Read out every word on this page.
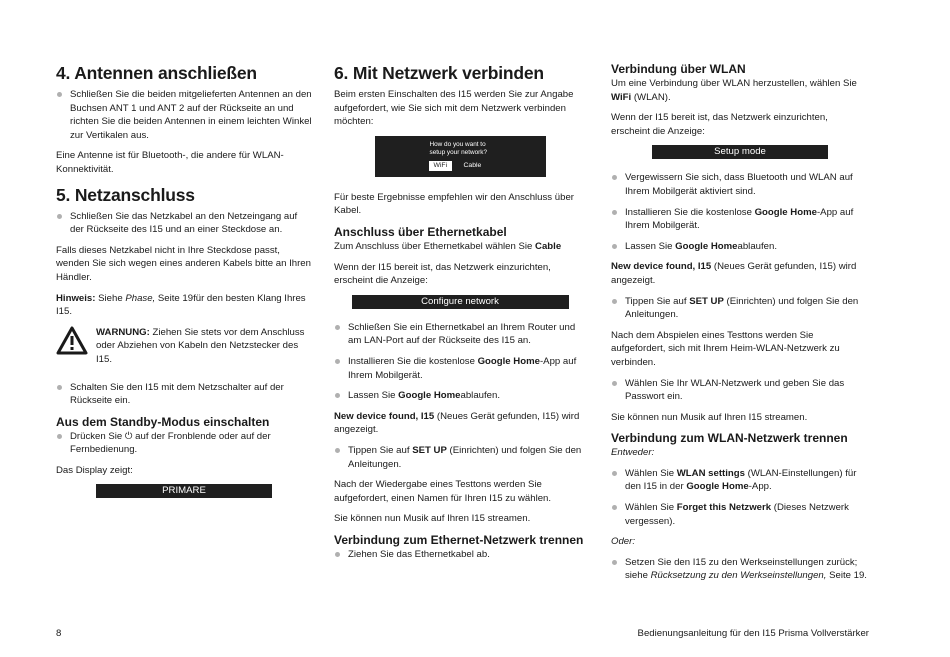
4. Antennen anschließen
Schließen Sie die beiden mitgelieferten Antennen an den Buchsen ANT 1 und ANT 2 auf der Rückseite an und richten Sie die beiden Antennen in einem leichten Winkel zur Vertikalen aus.

Eine Antenne ist für Bluetooth-, die andere für WLAN-Konnektivität.

5. Netzanschluss
Schließen Sie das Netzkabel an den Netzeingang auf der Rückseite des I15 und an einer Steckdose an.

Falls dieses Netzkabel nicht in Ihre Steckdose passt, wenden Sie sich wegen eines anderen Kabels bitte an Ihren Händler.

Hinweis: Siehe Phase, Seite 19für den besten Klang Ihres I15.

WARNUNG: Ziehen Sie stets vor dem Anschluss oder Abziehen von Kabeln den Netzstecker des I15.
Schalten Sie den I15 mit dem Netzschalter auf der Rückseite ein.
Aus dem Standby-Modus einschalten
Drücken Sie ⏻ auf der Fronblende oder auf der Fernbedienung.

Das Display zeigt:

PRIMARE
6. Mit Netzwerk verbinden

Beim ersten Einschalten des I15 werden Sie zur Angabe aufgefordert, wie Sie sich mit dem Netzwerk verbinden möchten:

How do you want to
setup your network?
WiFi	Cable

Für beste Ergebnisse empfehlen wir den Anschluss über Kabel.

Anschluss über Ethernetkabel

Zum Anschluss über Ethernetkabel wählen Sie Cable

Wenn der I15 bereit ist, das Netzwerk einzurichten, erscheint die Anzeige:

Configure network
Schließen Sie ein Ethernetkabel an Ihrem Router und am LAN-Port auf der Rückseite des I15 an.
Installieren Sie die kostenlose Google Home-App auf Ihrem Mobilgerät.
Lassen Sie Google Homeablaufen.

New device found, I15 (Neues Gerät gefunden, I15) wird angezeigt.

Tippen Sie auf SET UP (Einrichten) und folgen Sie den Anleitungen.

Nach der Wiedergabe eines Testtons werden Sie aufgefordert, einen Namen für Ihren I15 zu wählen.

Sie können nun Musik auf Ihren I15 streamen.

Verbindung zum Ethernet-Netzwerk trennen
Ziehen Sie das Ethernetkabel ab.
Verbindung über WLAN

Um eine Verbindung über WLAN herzustellen, wählen Sie WiFi (WLAN).

Wenn der I15 bereit ist, das Netzwerk einzurichten, erscheint die Anzeige:

Setup mode
Vergewissern Sie sich, dass Bluetooth und WLAN auf Ihrem Mobilgerät aktiviert sind.
Installieren Sie die kostenlose Google Home-App auf Ihrem Mobilgerät.
Lassen Sie Google Homeablaufen.

New device found, I15 (Neues Gerät gefunden, I15) wird angezeigt.

Tippen Sie auf SET UP (Einrichten) und folgen Sie den Anleitungen.

Nach dem Abspielen eines Testtons werden Sie aufgefordert, sich mit Ihrem Heim-WLAN-Netzwerk zu verbinden.

Wählen Sie Ihr WLAN-Netzwerk und geben Sie das Passwort ein.

Sie können nun Musik auf Ihren I15 streamen.

Verbindung zum WLAN-Netzwerk trennen

Entweder:

Wählen Sie WLAN settings (WLAN-Einstellungen) für den I15 in der Google Home-App.
Wählen Sie Forget this Netzwerk (Dieses Netzwerk vergessen).

Oder:

Setzen Sie den I15 zu den Werkseinstellungen zurück; siehe Rücksetzung zu den Werkseinstellungen, Seite 19.
8	Bedienungsanleitung für den I15 Prisma Vollverstärker
